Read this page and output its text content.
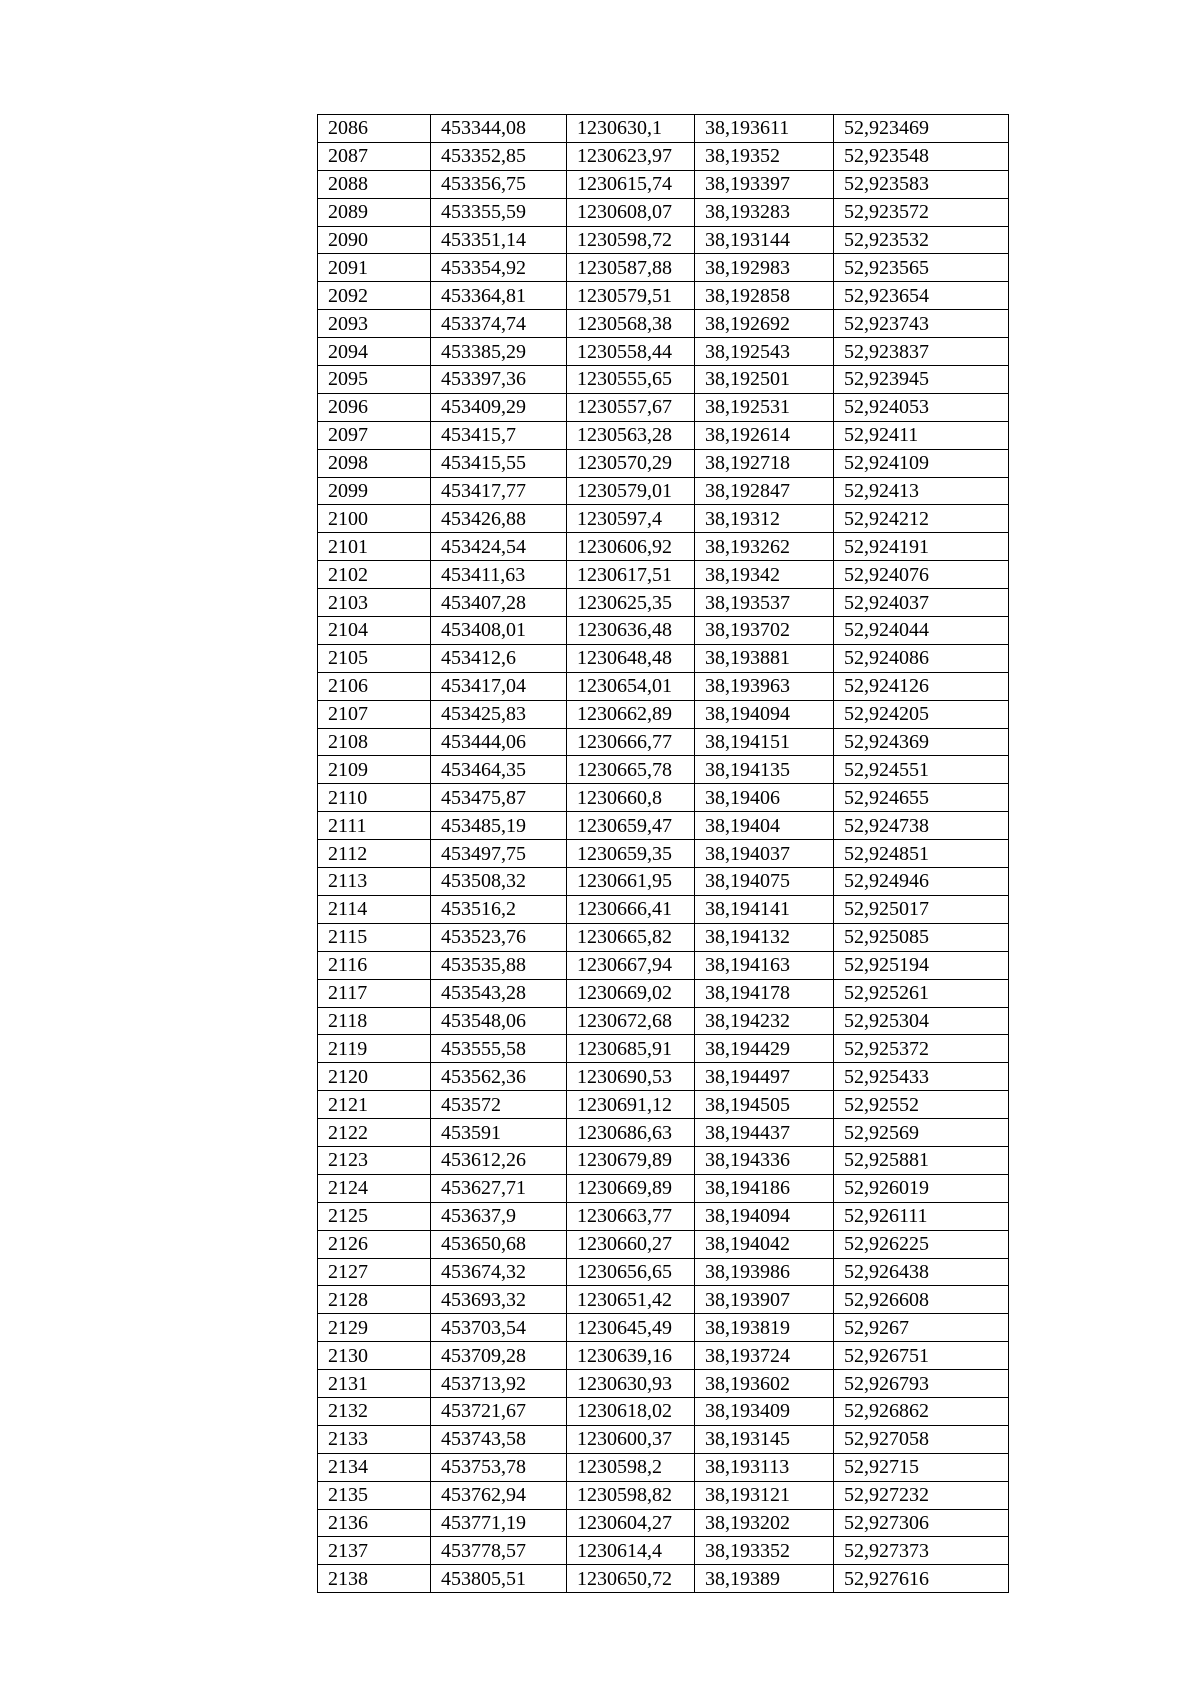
2086	453344,08	1230630,1	38,193611	52,923469
2087	453352,85	1230623,97	38,19352	52,923548
2088	453356,75	1230615,74	38,193397	52,923583
2089	453355,59	1230608,07	38,193283	52,923572
2090	453351,14	1230598,72	38,193144	52,923532
2091	453354,92	1230587,88	38,192983	52,923565
2092	453364,81	1230579,51	38,192858	52,923654
2093	453374,74	1230568,38	38,192692	52,923743
2094	453385,29	1230558,44	38,192543	52,923837
2095	453397,36	1230555,65	38,192501	52,923945
2096	453409,29	1230557,67	38,192531	52,924053
2097	453415,7	1230563,28	38,192614	52,92411
2098	453415,55	1230570,29	38,192718	52,924109
2099	453417,77	1230579,01	38,192847	52,92413
2100	453426,88	1230597,4	38,19312	52,924212
2101	453424,54	1230606,92	38,193262	52,924191
2102	453411,63	1230617,51	38,19342	52,924076
2103	453407,28	1230625,35	38,193537	52,924037
2104	453408,01	1230636,48	38,193702	52,924044
2105	453412,6	1230648,48	38,193881	52,924086
2106	453417,04	1230654,01	38,193963	52,924126
2107	453425,83	1230662,89	38,194094	52,924205
2108	453444,06	1230666,77	38,194151	52,924369
2109	453464,35	1230665,78	38,194135	52,924551
2110	453475,87	1230660,8	38,19406	52,924655
2111	453485,19	1230659,47	38,19404	52,924738
2112	453497,75	1230659,35	38,194037	52,924851
2113	453508,32	1230661,95	38,194075	52,924946
2114	453516,2	1230666,41	38,194141	52,925017
2115	453523,76	1230665,82	38,194132	52,925085
2116	453535,88	1230667,94	38,194163	52,925194
2117	453543,28	1230669,02	38,194178	52,925261
2118	453548,06	1230672,68	38,194232	52,925304
2119	453555,58	1230685,91	38,194429	52,925372
2120	453562,36	1230690,53	38,194497	52,925433
2121	453572	1230691,12	38,194505	52,92552
2122	453591	1230686,63	38,194437	52,92569
2123	453612,26	1230679,89	38,194336	52,925881
2124	453627,71	1230669,89	38,194186	52,926019
2125	453637,9	1230663,77	38,194094	52,926111
2126	453650,68	1230660,27	38,194042	52,926225
2127	453674,32	1230656,65	38,193986	52,926438
2128	453693,32	1230651,42	38,193907	52,926608
2129	453703,54	1230645,49	38,193819	52,9267
2130	453709,28	1230639,16	38,193724	52,926751
2131	453713,92	1230630,93	38,193602	52,926793
2132	453721,67	1230618,02	38,193409	52,926862
2133	453743,58	1230600,37	38,193145	52,927058
2134	453753,78	1230598,2	38,193113	52,92715
2135	453762,94	1230598,82	38,193121	52,927232
2136	453771,19	1230604,27	38,193202	52,927306
2137	453778,57	1230614,4	38,193352	52,927373
2138	453805,51	1230650,72	38,19389	52,927616
